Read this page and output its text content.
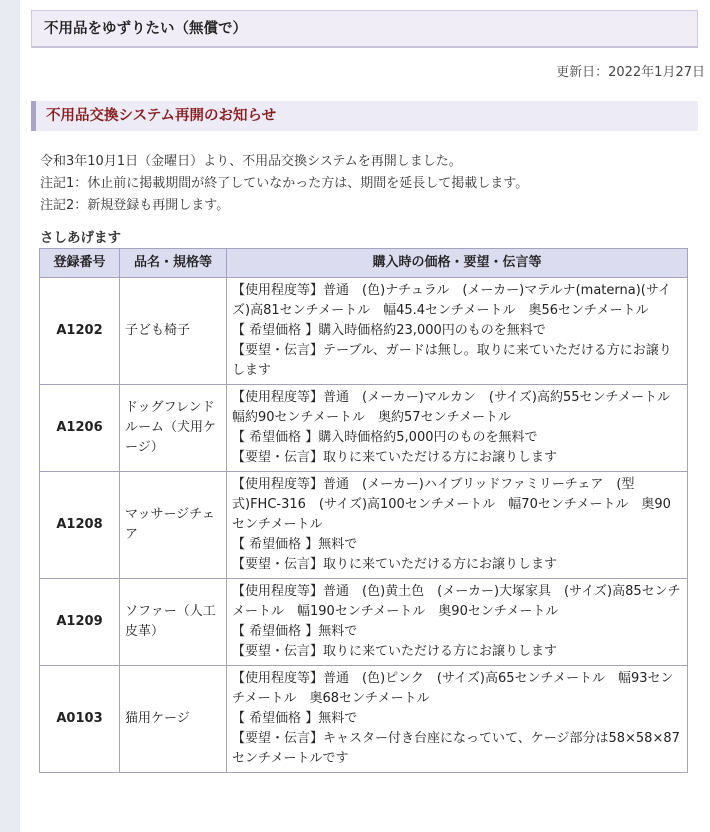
不用品をゆずりたい（無償で）
更新日：2022年1月27日
不用品交換システム再開のお知らせ
令和3年10月1日（金曜日）より、不用品交換システムを再開しました。
注記1：休止前に掲載期間が終了していなかった方は、期間を延長して掲載します。
注記2：新規登録も再開します。
さしあげます
登録番号	品名・規格等	購入時の価格・要望・伝言等
A1202	子ども椅子	【使用程度等】普通　(色)ナチュラル　(メーカー)マテルナ(materna)(サイズ)高81センチメートル　幅45.4センチメートル　奥56センチメートル
【 希望価格 】購入時価格約23,000円のものを無料で
【要望・伝言】テーブル、ガードは無し。取りに来ていただける方にお譲りします

A1206	ドッグフレンドルーム（犬用ケージ）	【使用程度等】普通　(メーカー)マルカン　(サイズ)高約55センチメートル　幅約90センチメートル　奥約57センチメートル
【 希望価格 】購入時価格約5,000円のものを無料で
【要望・伝言】取りに来ていただける方にお譲りします

A1208	マッサージチェア	【使用程度等】普通　(メーカー)ハイブリッドファミリーチェア　(型式)FHC-316　(サイズ)高100センチメートル　幅70センチメートル　奥90センチメートル
【 希望価格 】無料で
【要望・伝言】取りに来ていただける方にお譲りします

A1209	ソファー（人工皮革）	【使用程度等】普通　(色)黄土色　(メーカー)大塚家具　(サイズ)高85センチメートル　幅190センチメートル　奥90センチメートル
【 希望価格 】無料で
【要望・伝言】取りに来ていただける方にお譲りします

A0103	猫用ケージ	【使用程度等】普通　(色)ピンク　(サイズ)高65センチメートル　幅93センチメートル　奥68センチメートル
【 希望価格 】無料で
【要望・伝言】キャスター付き台座になっていて、ケージ部分は58×58×87センチメートルです
